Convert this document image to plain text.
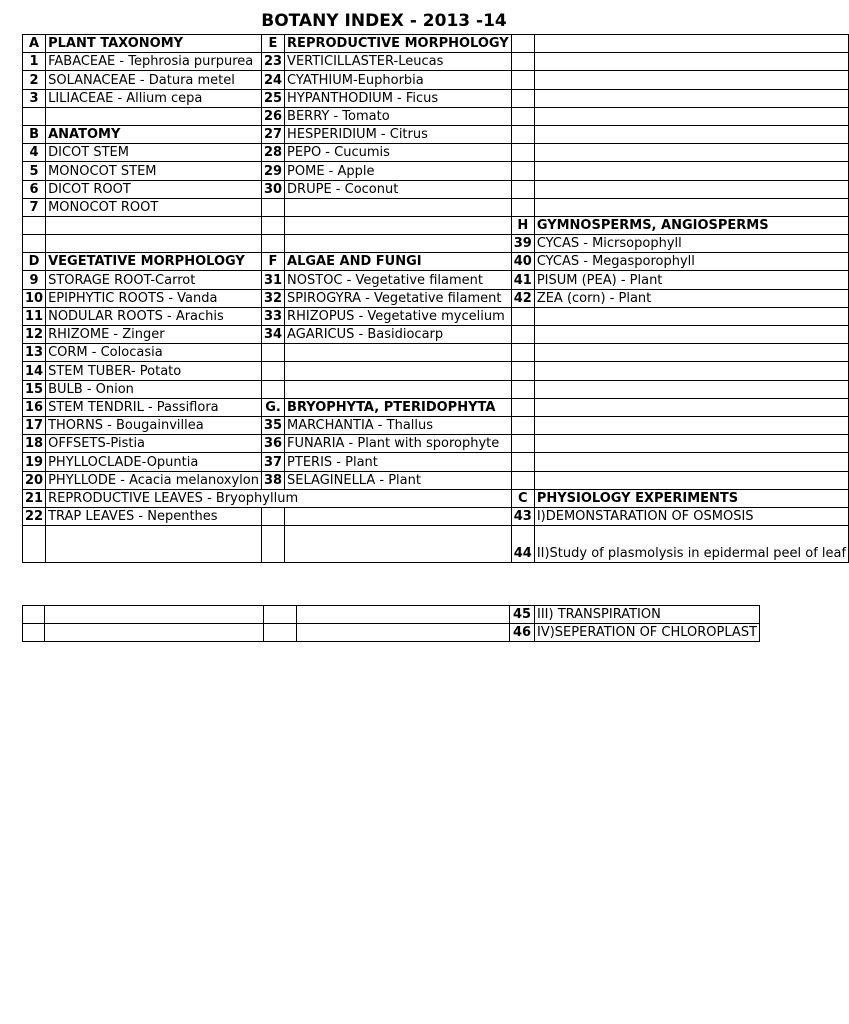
BOTANY INDEX - 2013 -14
A	PLANT TAXONOMY	E	REPRODUCTIVE MORPHOLOGY		
1	FABACEAE - Tephrosia purpurea	23	VERTICILLASTER-Leucas		
2	SOLANACEAE - Datura metel	24	CYATHIUM-Euphorbia		
3	LILIACEAE - Allium cepa	25	HYPANTHODIUM - Ficus		
		26	BERRY - Tomato		
B	ANATOMY	27	HESPERIDIUM - Citrus		
4	DICOT STEM	28	PEPO - Cucumis		
5	MONOCOT STEM	29	POME - Apple		
6	DICOT ROOT	30	DRUPE - Coconut		
7	MONOCOT ROOT				
				H	GYMNOSPERMS, ANGIOSPERMS
				39	CYCAS - Micrsopophyll
D	VEGETATIVE MORPHOLOGY	F	ALGAE AND FUNGI	40	CYCAS - Megasporophyll
9	STORAGE ROOT-Carrot	31	NOSTOC - Vegetative filament	41	PISUM (PEA) - Plant
10	EPIPHYTIC ROOTS - Vanda	32	SPIROGYRA - Vegetative filament	42	ZEA (corn) - Plant
11	NODULAR ROOTS - Arachis	33	RHIZOPUS - Vegetative mycelium		
12	RHIZOME - Zinger	34	AGARICUS - Basidiocarp		
13	CORM - Colocasia				
14	STEM TUBER- Potato				
15	BULB - Onion				
16	STEM TENDRIL - Passiflora	G.	BRYOPHYTA, PTERIDOPHYTA		
17	THORNS - Bougainvillea	35	MARCHANTIA - Thallus		
18	OFFSETS-Pistia	36	FUNARIA - Plant with sporophyte		
19	PHYLLOCLADE-Opuntia	37	PTERIS - Plant		
20	PHYLLODE - Acacia melanoxylon	38	SELAGINELLA - Plant		
21	REPRODUCTIVE LEAVES - Bryophyllum			C	PHYSIOLOGY EXPERIMENTS
22	TRAP LEAVES - Nepenthes			43	I)DEMONSTARATION OF OSMOSIS
				44	II)Study of plasmolysis in epidermal peel of leaf
				45	III) TRANSPIRATION
				46	IV)SEPERATION OF CHLOROPLAST
